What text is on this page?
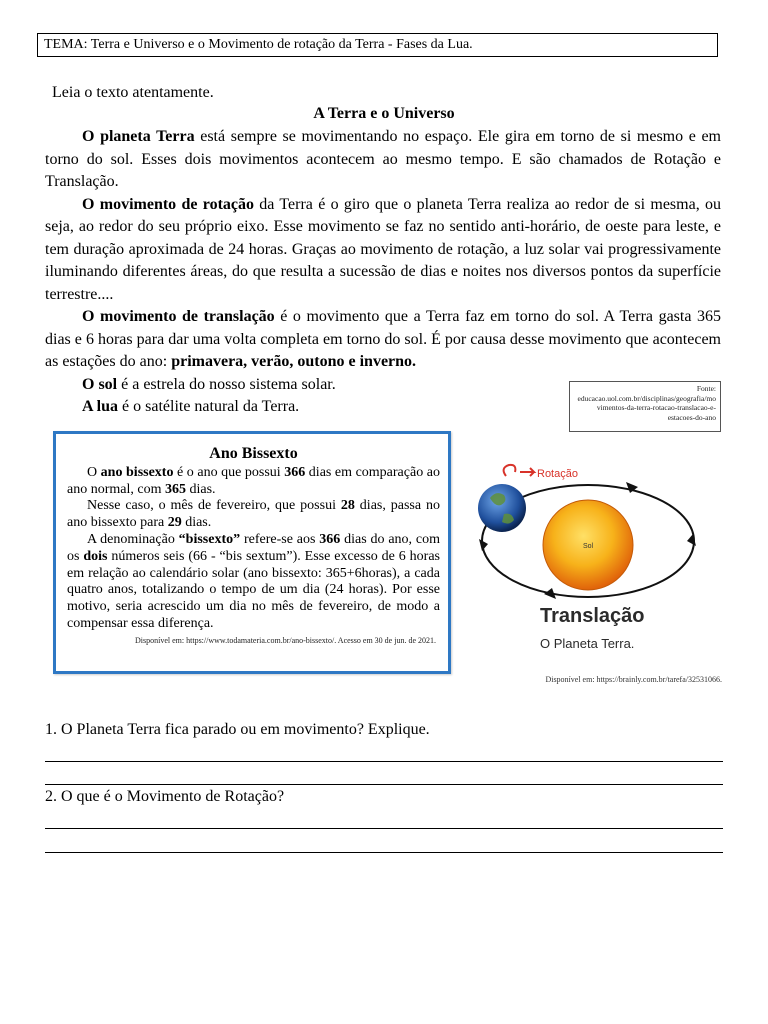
TEMA: Terra e Universo e o Movimento de rotação da Terra - Fases da Lua.
Leia o texto atentamente.
A Terra e o Universo

O planeta Terra está sempre se movimentando no espaço. Ele gira em torno de si mesmo e em torno do sol. Esses dois movimentos acontecem ao mesmo tempo. E são chamados de Rotação e Translação.

O movimento de rotação da Terra é o giro que o planeta Terra realiza ao redor de si mesma, ou seja, ao redor do seu próprio eixo. Esse movimento se faz no sentido anti-horário, de oeste para leste, e tem duração aproximada de 24 horas. Graças ao movimento de rotação, a luz solar vai progressivamente iluminando diferentes áreas, do que resulta a sucessão de dias e noites nos diversos pontos da superfície terrestre....

O movimento de translação é o movimento que a Terra faz em torno do sol. A Terra gasta 365 dias e 6 horas para dar uma volta completa em torno do sol. É por causa desse movimento que acontecem as estações do ano: primavera, verão, outono e inverno.

O sol é a estrela do nosso sistema solar.

A lua é o satélite natural da Terra.

Fonte:
educacao.uol.com.br/disciplinas/geografia/movimentos-da-terra-rotacao-translacao-e-estacoes-do-ano
Ano Bissexto

O ano bissexto é o ano que possui 366 dias em comparação ao ano normal, com 365 dias.

Nesse caso, o mês de fevereiro, que possui 28 dias, passa no ano bissexto para 29 dias.

A denominação “bissexto” refere-se aos 366 dias do ano, com os dois números seis (66 - “bis sextum”). Esse excesso de 6 horas em relação ao calendário solar (ano bissexto: 365+6horas), a cada quatro anos, totalizando o tempo de um dia (24 horas). Por esse motivo, seria acrescido um dia no mês de fevereiro, de modo a compensar essa diferença.

Disponível em: https://www.todamateria.com.br/ano-bissexto/. Acesso em 30 de jun. de 2021.
Sol
Rotação
Translação
O Planeta Terra.
Disponível em: https://brainly.com.br/tarefa/32531066.
1. O Planeta Terra fica parado ou em movimento? Explique.
2. O que é o Movimento de Rotação?
